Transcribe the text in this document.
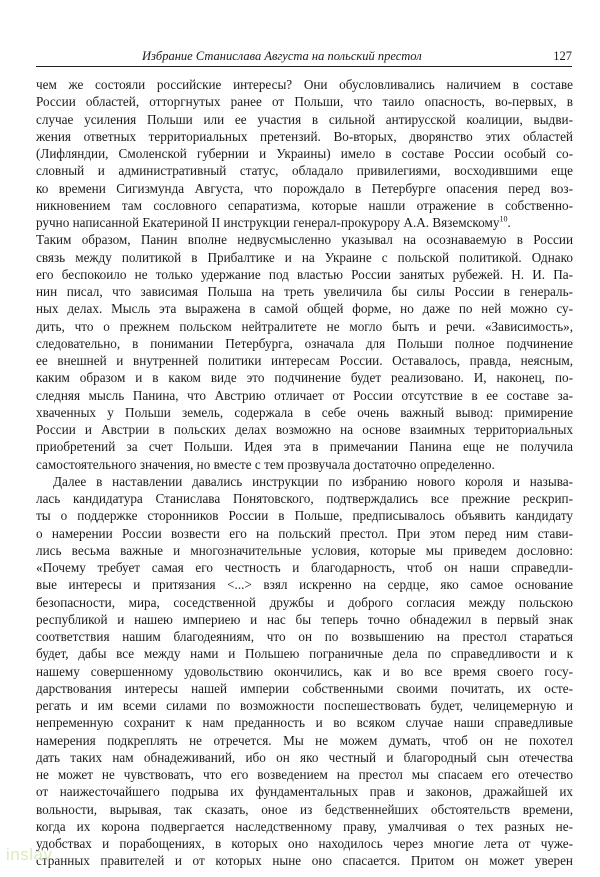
Избрание Станислава Августа на польский престол	127
чем же состояли российские интересы? Они обусловливались наличием в составе
России областей, отторгнутых ранее от Польши, что таило опасность, во-первых, в
случае усиления Польши или ее участия в сильной антирусской коалиции, выдви-
жения ответных территориальных претензий. Во-вторых, дворянство этих областей
(Лифляндии, Смоленской губернии и Украины) имело в составе России особый со-
словный и административный статус, обладало привилегиями, восходившими еще
ко времени Сигизмунда Августа, что порождало в Петербурге опасения перед воз-
никновением там сословного сепаратизма, которые нашли отражение в собственно-
ручно написанной Екатериной II инструкции генерал-прокурору А.А. Вяземскому$^{10}$.
Таким образом, Панин вполне недвусмысленно указывал на осознаваемую в России
связь между политикой в Прибалтике и на Украине с польской политикой. Однако
его беспокоило не только удержание под властью России занятых рубежей. Н. И. Па-
нин писал, что зависимая Польша на треть увеличила бы силы России в генераль-
ных делах. Мысль эта выражена в самой общей форме, но даже по ней можно су-
дить, что о прежнем польском нейтралитете не могло быть и речи. «Зависимость»,
следовательно, в понимании Петербурга, означала для Польши полное подчинение
ее внешней и внутренней политики интересам России. Оставалось, правда, неясным,
каким образом и в каком виде это подчинение будет реализовано. И, наконец, по-
следняя мысль Панина, что Австрию отличает от России отсутствие в ее составе за-
хваченных у Польши земель, содержала в себе очень важный вывод: примирение
России и Австрии в польских делах возможно на основе взаимных территориальных
приобретений за счет Польши. Идея эта в примечании Панина еще не получила
самостоятельного значения, но вместе с тем прозвучала достаточно определенно.
Далее в наставлении давались инструкции по избранию нового короля и называ-
лась кандидатура Станислава Понятовского, подтверждались все прежние рескрип-
ты о поддержке сторонников России в Польше, предписывалось объявить кандидату
о намерении России возвести его на польский престол. При этом перед ним стави-
лись весьма важные и многозначительные условия, которые мы приведем дословно:
«Почему требует самая его честность и благодарность, чтоб он наши справедли-
вые интересы и притязания <...> взял искренно на сердце, яко самое основание
безопасности, мира, соседственной дружбы и доброго согласия между польскою
республикой и нашею империею и нас бы теперь точно обнадежил в первый знак
соответствия нашим благодеяниям, что он по возвышению на престол стараться
будет, дабы все между нами и Польшею пограничные дела по справедливости и к
нашему совершенному удовольствию окончились, как и во все время своего госу-
дарствования интересы нашей империи собственными своими почитать, их осте-
регать и им всеми силами по возможности поспешествовать будет, челицемерную и
непременную сохранит к нам преданность и во всяком случае наши справедливые
намерения подкреплять не отречется. Мы не можем думать, чтоб он не похотел
дать таких нам обнадеживаний, ибо он яко честный и благородный сын отечества
не может не чувствовать, что его возведением на престол мы спасаем его отечество
от наижесточайшего подрыва их фундаментальных прав и законов, дражайшей их
вольности, вырывая, так сказать, оное из бедственнейших обстоятельств времени,
когда их корона подвергается наследственному праву, умалчивая о тех разных не-
удобствах и порабощениях, в которых оно находилось через многие лета от чуже-
странных правителей и от которых ныне оно спасается. Притом он может уверен
inslav
